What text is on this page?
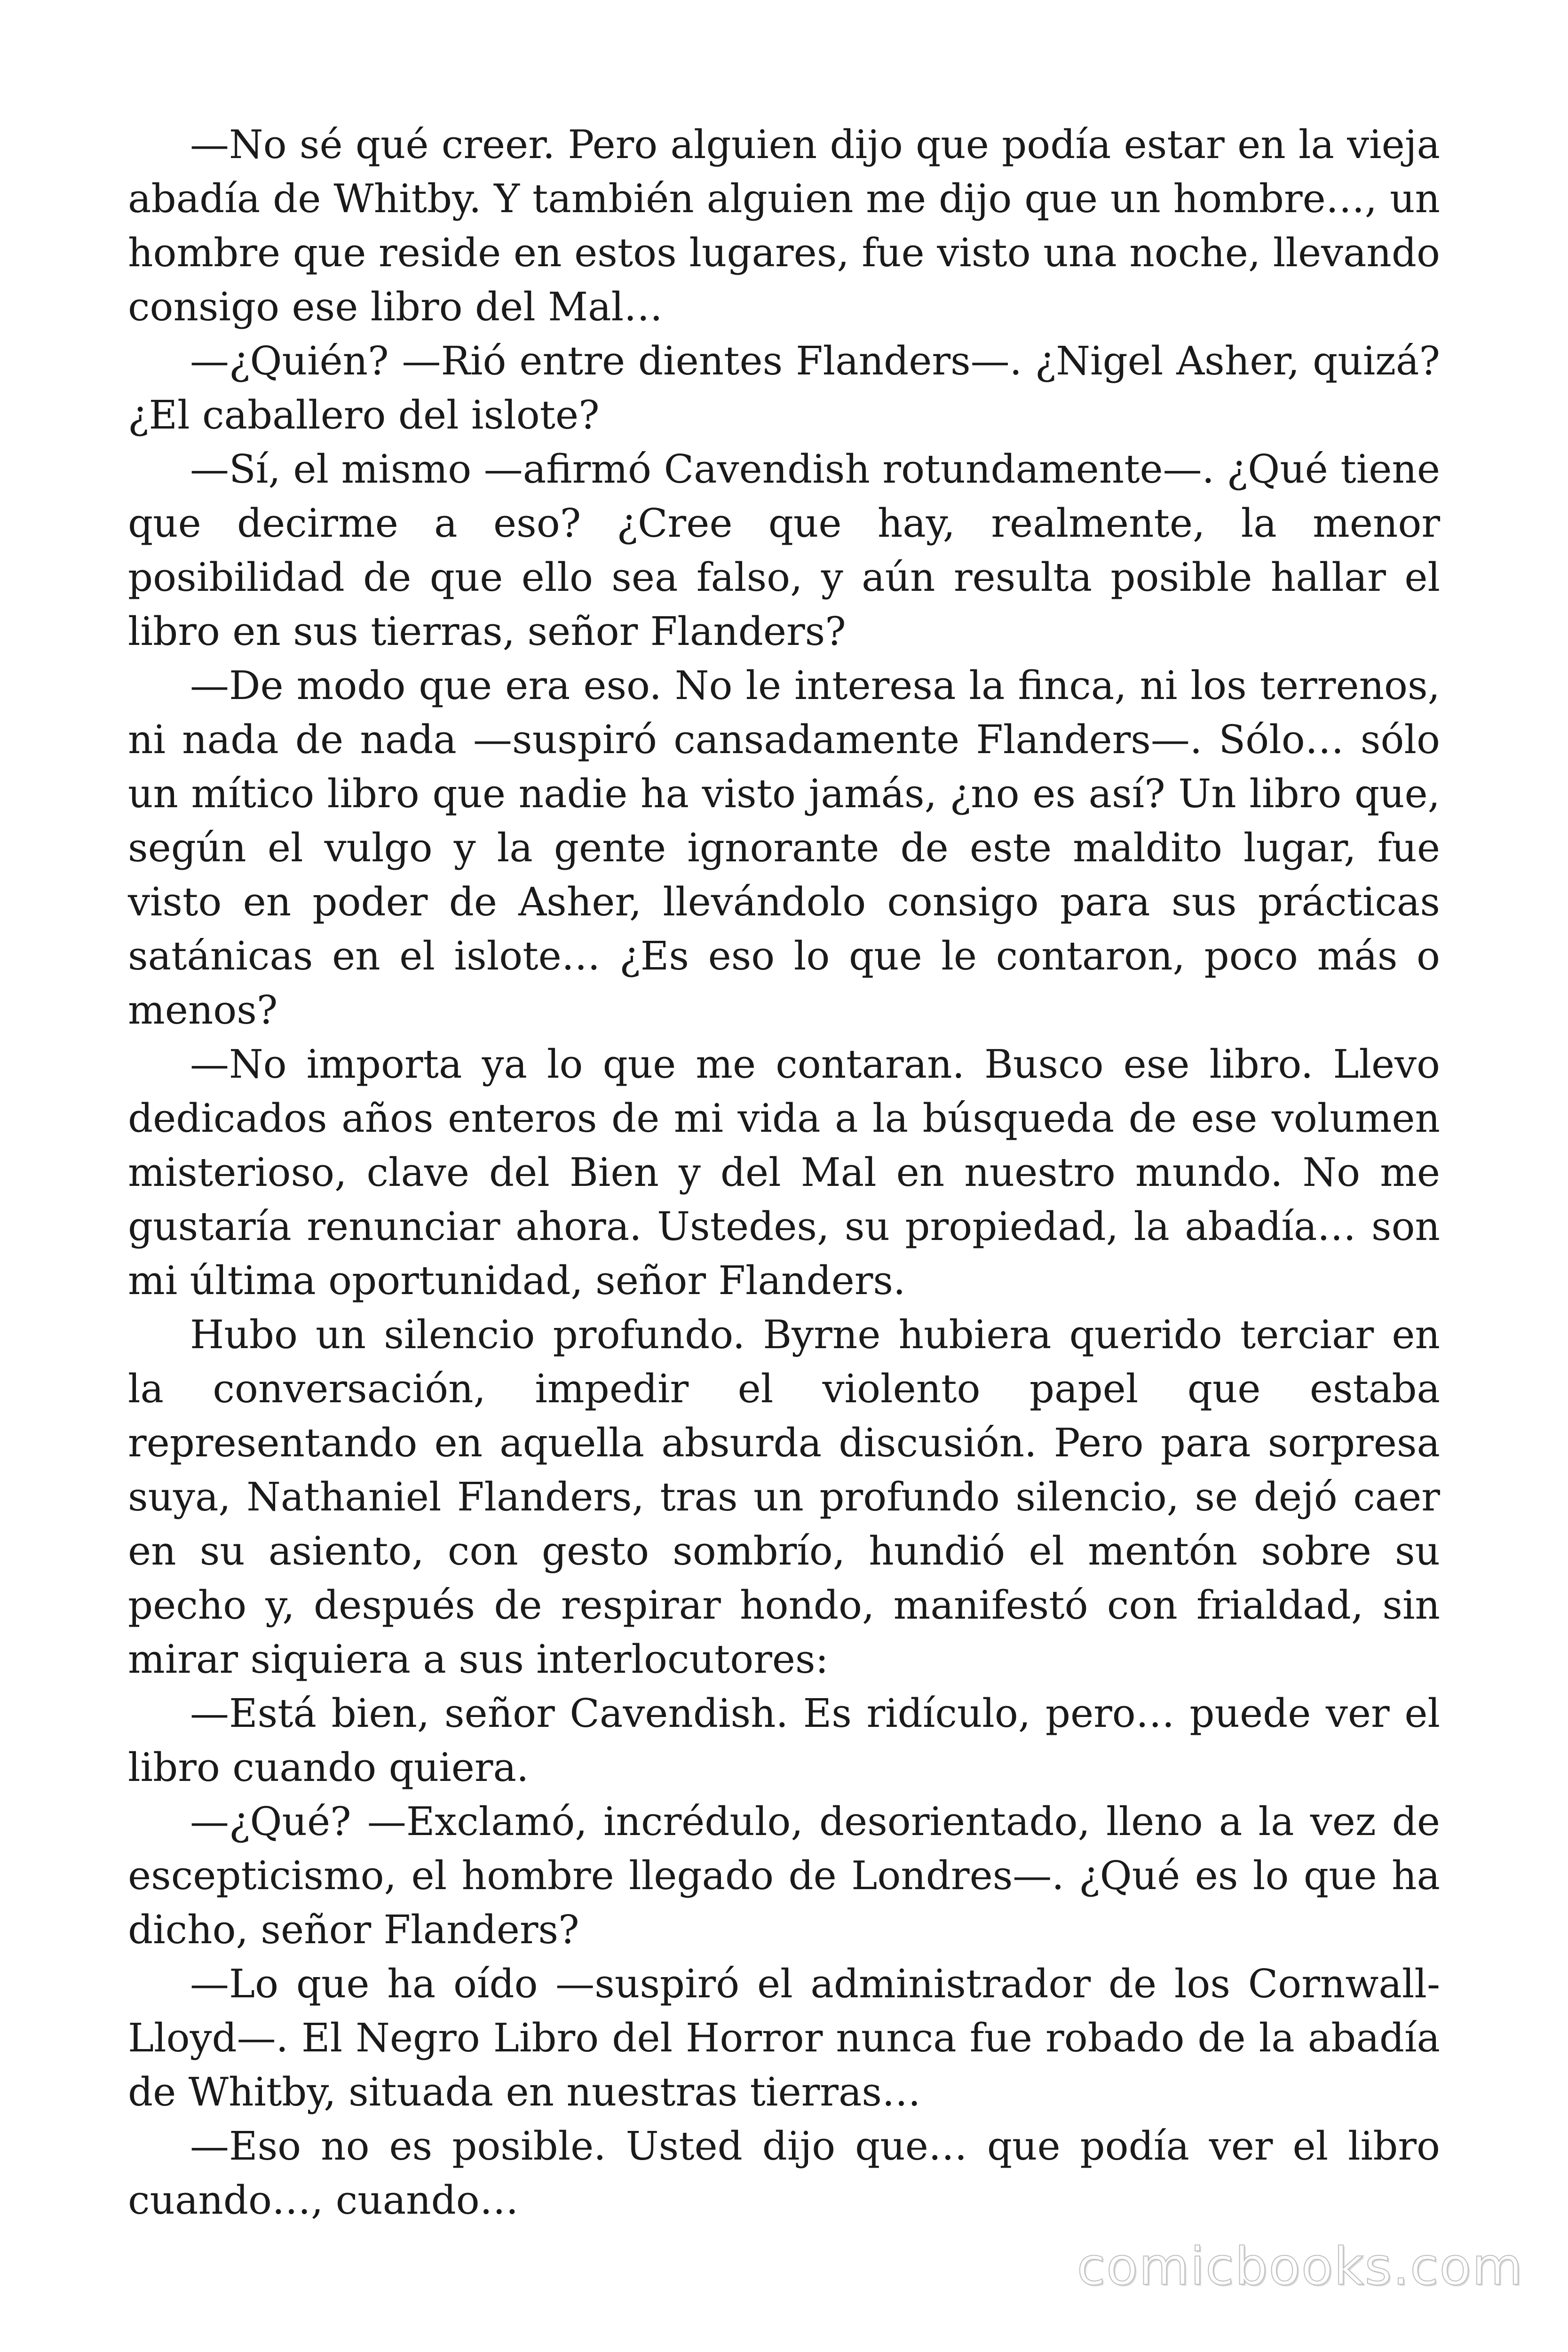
—No sé qué creer. Pero alguien dijo que podía estar en la vieja abadía de Whitby. Y también alguien me dijo que un hombre…, un hombre que reside en estos lugares, fue visto una noche, llevando consigo ese libro del Mal…

—¿Quién? —Rió entre dientes Flanders—. ¿Nigel Asher, quizá? ¿El caballero del islote?

—Sí, el mismo —afirmó Cavendish rotundamente—. ¿Qué tiene que decirme a eso? ¿Cree que hay, realmente, la menor posibilidad de que ello sea falso, y aún resulta posible hallar el libro en sus tierras, señor Flanders?

—De modo que era eso. No le interesa la finca, ni los terrenos, ni nada de nada —suspiró cansadamente Flanders—. Sólo… sólo un mítico libro que nadie ha visto jamás, ¿no es así? Un libro que, según el vulgo y la gente ignorante de este maldito lugar, fue visto en poder de Asher, llevándolo consigo para sus prácticas satánicas en el islote… ¿Es eso lo que le contaron, poco más o menos?

—No importa ya lo que me contaran. Busco ese libro. Llevo dedicados años enteros de mi vida a la búsqueda de ese volumen misterioso, clave del Bien y del Mal en nuestro mundo. No me gustaría renunciar ahora. Ustedes, su propiedad, la abadía… son mi última oportunidad, señor Flanders.

Hubo un silencio profundo. Byrne hubiera querido terciar en la conversación, impedir el violento papel que estaba representando en aquella absurda discusión. Pero para sorpresa suya, Nathaniel Flanders, tras un profundo silencio, se dejó caer en su asiento, con gesto sombrío, hundió el mentón sobre su pecho y, después de respirar hondo, manifestó con frialdad, sin mirar siquiera a sus interlocutores:

—Está bien, señor Cavendish. Es ridículo, pero… puede ver el libro cuando quiera.

—¿Qué? —Exclamó, incrédulo, desorientado, lleno a la vez de escepticismo, el hombre llegado de Londres—. ¿Qué es lo que ha dicho, señor Flanders?

—Lo que ha oído —suspiró el administrador de los Cornwall-Lloyd—. El Negro Libro del Horror nunca fue robado de la abadía de Whitby, situada en nuestras tierras…

—Eso no es posible. Usted dijo que… que podía ver el libro cuando…, cuando…

comicbooks.com
